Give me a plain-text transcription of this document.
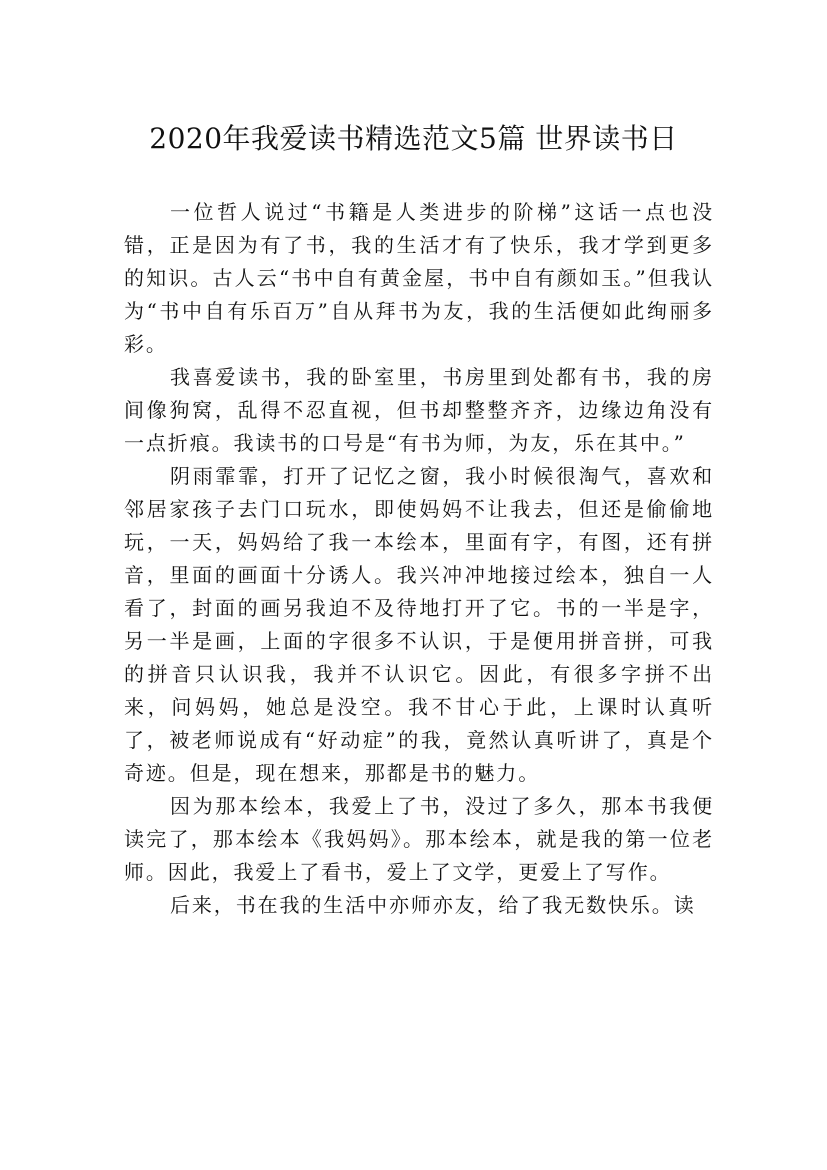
2020年我爱读书精选范文5篇 世界读书日

一位哲人说过“书籍是人类进步的阶梯”这话一点也没错，正是因为有了书，我的生活才有了快乐，我才学到更多的知识。古人云“书中自有黄金屋，书中自有颜如玉。”但我认为“书中自有乐百万”自从拜书为友，我的生活便如此绚丽多彩。

我喜爱读书，我的卧室里，书房里到处都有书，我的房间像狗窝，乱得不忍直视，但书却整整齐齐，边缘边角没有一点折痕。我读书的口号是“有书为师，为友，乐在其中。”

阴雨霏霏，打开了记忆之窗，我小时候很淘气，喜欢和邻居家孩子去门口玩水，即使妈妈不让我去，但还是偷偷地玩，一天，妈妈给了我一本绘本，里面有字，有图，还有拼音，里面的画面十分诱人。我兴冲冲地接过绘本，独自一人看了，封面的画另我迫不及待地打开了它。书的一半是字，另一半是画，上面的字很多不认识，于是便用拼音拼，可我的拼音只认识我，我并不认识它。因此，有很多字拼不出来，问妈妈，她总是没空。我不甘心于此，上课时认真听了，被老师说成有“好动症”的我，竟然认真听讲了，真是个奇迹。但是，现在想来，那都是书的魅力。

因为那本绘本，我爱上了书，没过了多久，那本书我便读完了，那本绘本《我妈妈》。那本绘本，就是我的第一位老师。因此，我爱上了看书，爱上了文学，更爱上了写作。

后来，书在我的生活中亦师亦友，给了我无数快乐。读
